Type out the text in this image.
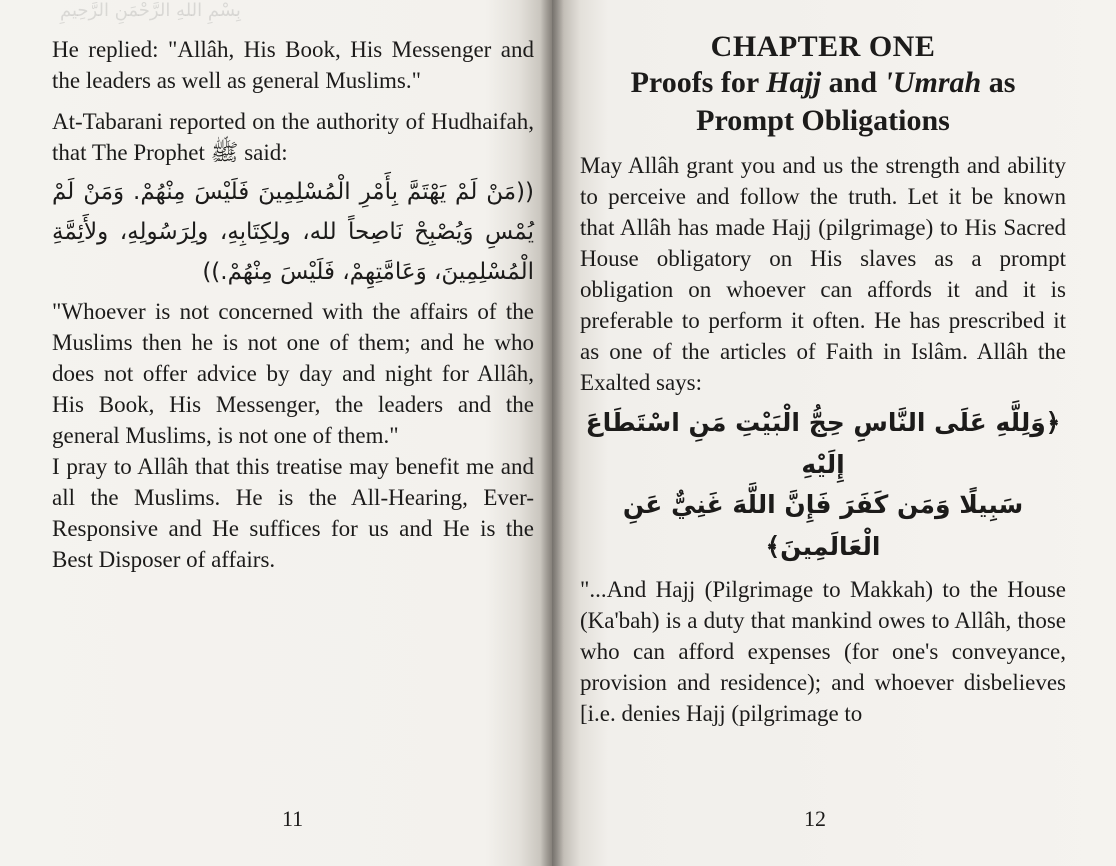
بِسْمِ اللهِ الرَّحْمَنِ الرَّحِيمِ

He replied: "Allâh, His Book, His Messenger and the leaders as well as general Muslims."

At-Tabarani reported on the authority of Hudhaifah, that The Prophet ﷺ said:

((مَنْ لَمْ يَهْتَمَّ بِأَمْرِ الْمُسْلِمِينَ فَلَيْسَ مِنْهُمْ. وَمَنْ لَمْ يُمْسِ وَيُصْبِحْ نَاصِحاً لله، ولِكِتَابِهِ، ولِرَسُولِهِ، ولأَئِمَّةِ الْمُسْلِمِينَ، وَعَامَّتِهِمْ، فَلَيْسَ مِنْهُمْ.))

"Whoever is not concerned with the affairs of the Muslims then he is not one of them; and he who does not offer advice by day and night for Allâh, His Book, His Messenger, the leaders and the general Muslims, is not one of them."

I pray to Allâh that this treatise may benefit me and all the Muslims. He is the All-Hearing, Ever-Responsive and He suffices for us and He is the Best Disposer of affairs.

11
CHAPTER ONE
Proofs for Hajj and 'Umrah as
Prompt Obligations

May Allâh grant you and us the strength and ability to perceive and follow the truth. Let it be known that Allâh has made Hajj (pilgrimage) to His Sacred House obligatory on His slaves as a prompt obligation on whoever can affords it and it is preferable to perform it often. He has prescribed it as one of the articles of Faith in Islâm. Allâh the Exalted says:

﴿وَلِلَّهِ عَلَى النَّاسِ حِجُّ الْبَيْتِ مَنِ اسْتَطَاعَ إِلَيْهِ

سَبِيلًا وَمَن كَفَرَ فَإِنَّ اللَّهَ غَنِيٌّ عَنِ الْعَالَمِينَ﴾

"...And Hajj (Pilgrimage to Makkah) to the House (Ka'bah) is a duty that mankind owes to Allâh, those who can afford expenses (for one's conveyance, provision and residence); and whoever disbelieves [i.e. denies Hajj (pilgrimage to

12
